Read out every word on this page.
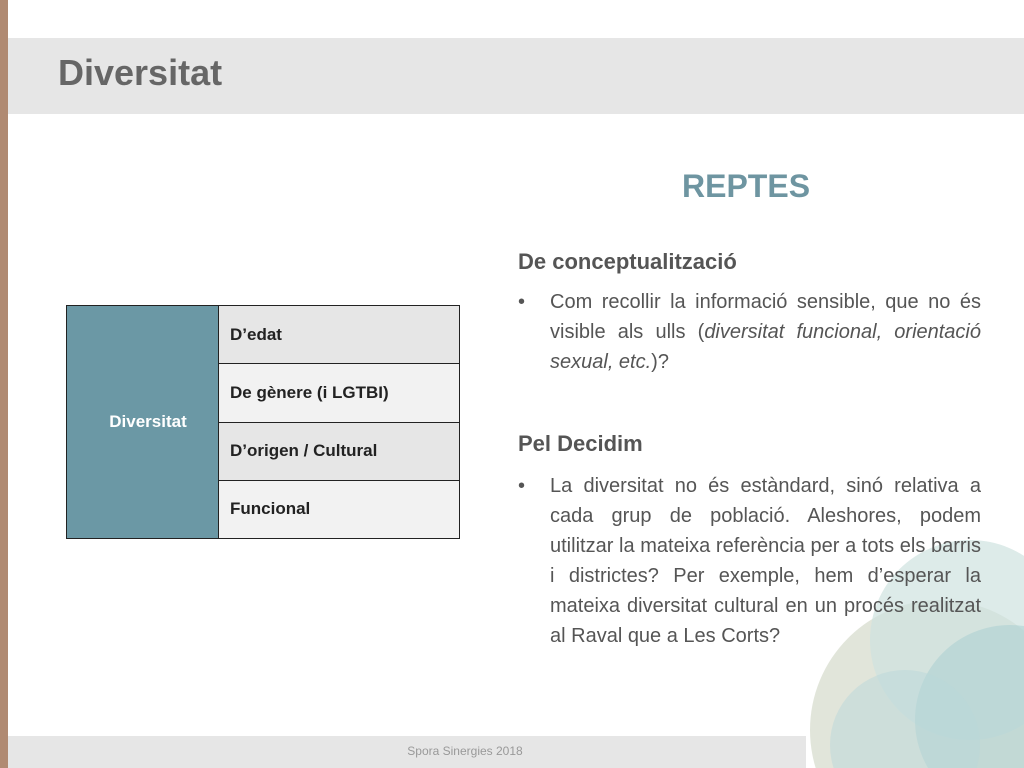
Diversitat
REPTES
De conceptualització
•	Com recollir la informació sensible, que no és visible als ulls (diversitat funcional, orientació sexual, etc.)?
Pel Decidim
•	La diversitat no és estàndard, sinó relativa a cada grup de població. Aleshores, podem utilitzar la mateixa referència per a tots els barris i districtes? Per exemple, hem d’esperar la mateixa diversitat cultural en un procés realitzat al Raval que a Les Corts?
Diversitat	D’edat
De gènere (i LGTBI)
D’origen / Cultural
Funcional
Spora Sinergies 2018
